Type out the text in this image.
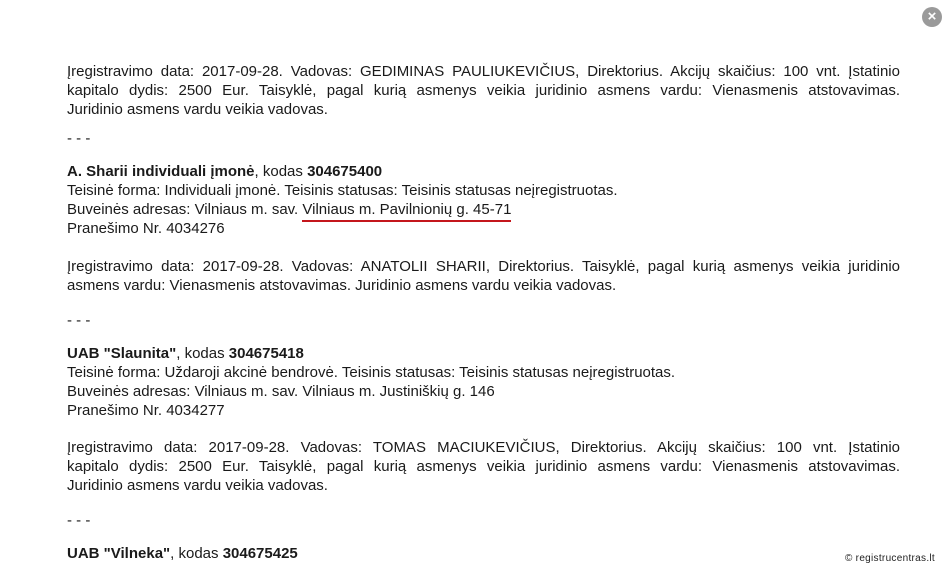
×
Įregistravimo data: 2017-09-28. Vadovas: GEDIMINAS PAULIUKEVIČIUS, Direktorius. Akcijų skaičius: 100 vnt. Įstatinio
kapitalo dydis: 2500 Eur. Taisyklė, pagal kurią asmenys veikia juridinio asmens vardu: Vienasmenis atstovavimas.
Juridinio asmens vardu veikia vadovas.
- - -
A. Sharii individuali įmonė, kodas 304675400
Teisinė forma: Individuali įmonė. Teisinis statusas: Teisinis statusas neįregistruotas.
Buveinės adresas: Vilniaus m. sav. Vilniaus m. Pavilnionių g. 45-71
Pranešimo Nr. 4034276
Įregistravimo data: 2017-09-28. Vadovas: ANATOLII SHARII, Direktorius. Taisyklė, pagal kurią asmenys veikia juridinio
asmens vardu: Vienasmenis atstovavimas. Juridinio asmens vardu veikia vadovas.
- - -
UAB "Slaunita", kodas 304675418
Teisinė forma: Uždaroji akcinė bendrovė. Teisinis statusas: Teisinis statusas neįregistruotas.
Buveinės adresas: Vilniaus m. sav. Vilniaus m. Justiniškių g. 146
Pranešimo Nr. 4034277
Įregistravimo data: 2017-09-28. Vadovas: TOMAS MACIUKEVIČIUS, Direktorius. Akcijų skaičius: 100 vnt. Įstatinio
kapitalo dydis: 2500 Eur. Taisyklė, pagal kurią asmenys veikia juridinio asmens vardu: Vienasmenis atstovavimas.
Juridinio asmens vardu veikia vadovas.
- - -
UAB "Vilneka", kodas 304675425	© registrucentras.lt
